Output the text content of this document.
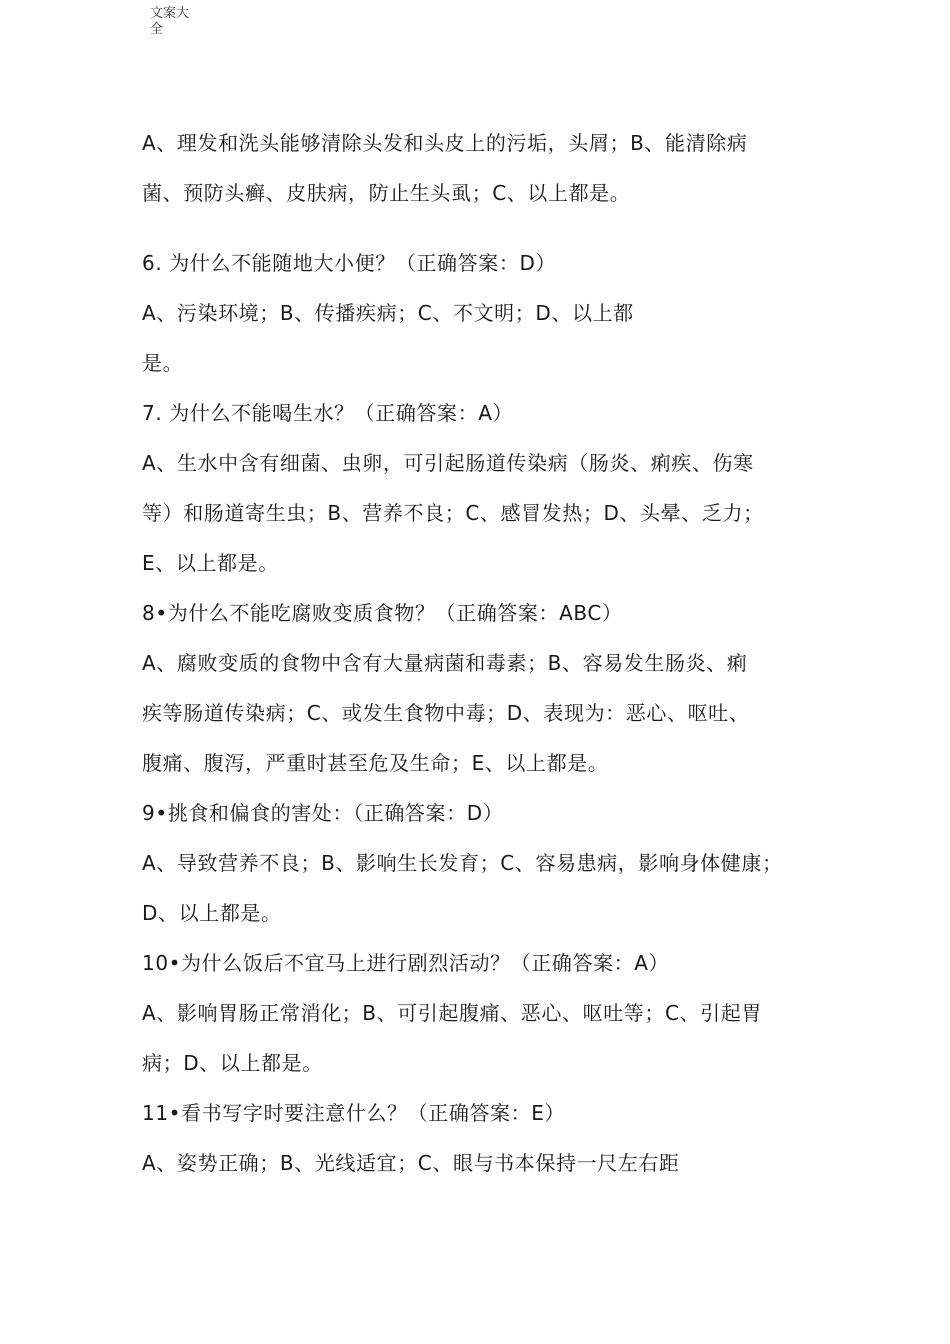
文案大全
A、理发和洗头能够清除头发和头皮上的污垢，头屑；B、能清除病
菌、预防头癣、皮肤病，防止生头虱；C、以上都是。
6. 为什么不能随地大小便？（正确答案：D）
A、污染环境；B、传播疾病；C、不文明；D、以上都
是。
7. 为什么不能喝生水？（正确答案：A）
A、生水中含有细菌、虫卵，可引起肠道传染病（肠炎、痢疾、伤寒
等）和肠道寄生虫；B、营养不良；C、感冒发热；D、头晕、乏力；
E、以上都是。
8•为什么不能吃腐败变质食物？（正确答案：ABC）
A、腐败变质的食物中含有大量病菌和毒素；B、容易发生肠炎、痢
疾等肠道传染病；C、或发生食物中毒；D、表现为：恶心、呕吐、
腹痛、腹泻，严重时甚至危及生命；E、以上都是。
9•挑食和偏食的害处：（正确答案：D）
A、导致营养不良；B、影响生长发育；C、容易患病，影响身体健康；
D、以上都是。
10•为什么饭后不宜马上进行剧烈活动？（正确答案：A）
A、影响胃肠正常消化；B、可引起腹痛、恶心、呕吐等；C、引起胃
病；D、以上都是。
11•看书写字时要注意什么？（正确答案：E）
A、姿势正确；B、光线适宜；C、眼与书本保持一尺左右距
